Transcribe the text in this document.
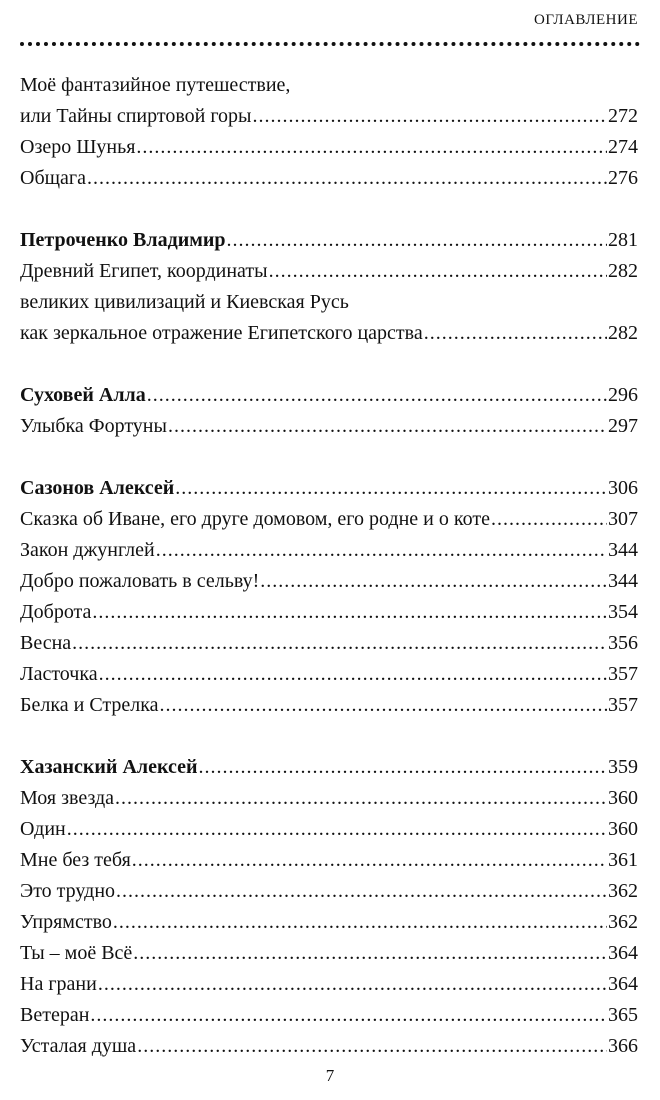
ОГЛАВЛЕНИЕ
Моё фантазийное путешествие,
или Тайны спиртовой горы .....	272
Озеро Шунья .....	274
Общага .....	276
Петроченко Владимир .....	281
Древний Египет, координаты .....	282
великих цивилизаций и Киевская Русь
как зеркальное отражение Египетского царства .....	282
Суховей Алла .....	296
Улыбка Фортуны .....	297
Сазонов Алексей .....	306
Сказка об Иване, его друге домовом, его родне и о коте .....	307
Закон джунглей .....	344
Добро пожаловать в сельву! .....	344
Доброта .....	354
Весна .....	356
Ласточка .....	357
Белка и Стрелка .....	357
Хазанский Алексей .....	359
Моя звезда .....	360
Один .....	360
Мне без тебя .....	361
Это трудно .....	362
Упрямство .....	362
Ты – моё Всё .....	364
На грани .....	364
Ветеран .....	365
Усталая душа .....	366
7
